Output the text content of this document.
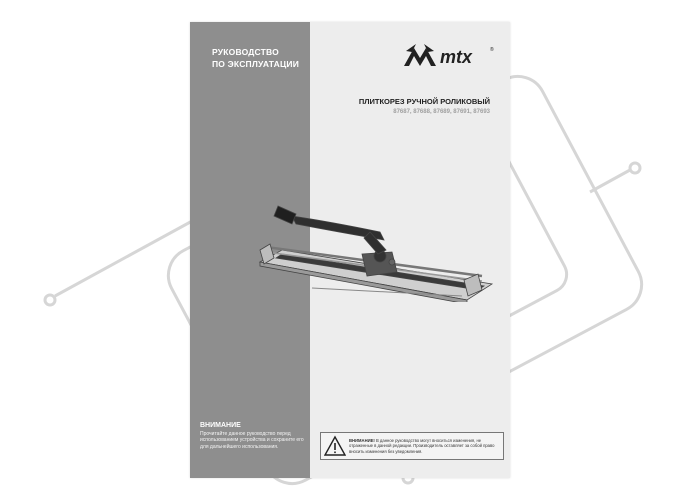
РУКОВОДСТВО
ПО ЭКСПЛУАТАЦИИ
ВНИМАНИЕ
Прочитайте данное руководство перед использованием устройства и сохраните его для дальнейшего использования.
mtx	®
ПЛИТКОРЕЗ РУЧНОЙ РОЛИКОВЫЙ
87687, 87688, 87689, 87691, 87693
ВНИМАНИЕ! В данное руководство могут вноситься изменения, не отраженные в данной редакции. Производитель оставляет за собой право вносить изменения без уведомления.
